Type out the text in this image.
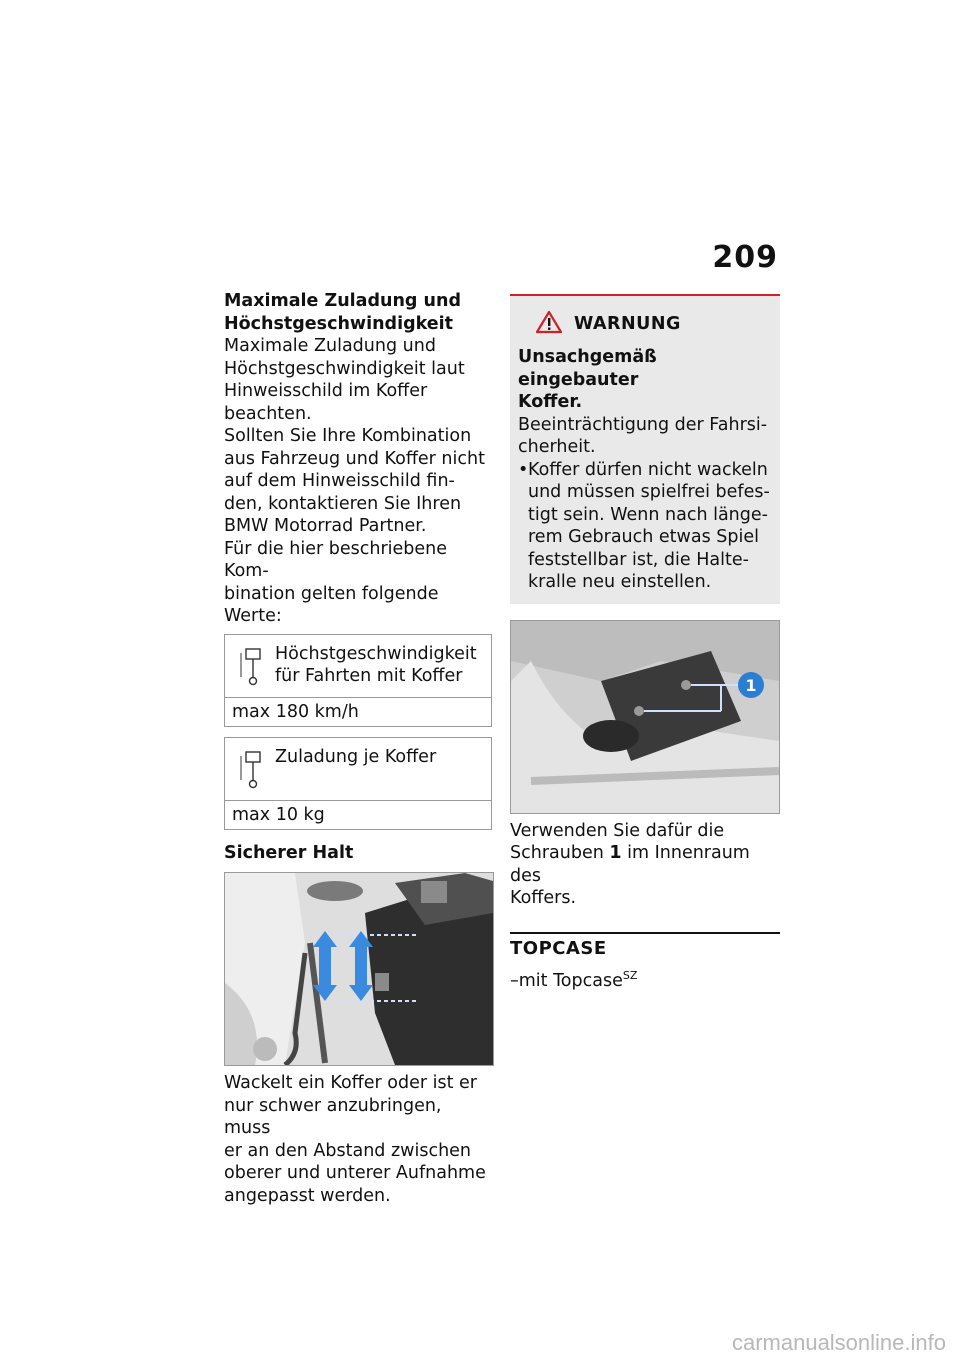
209

Maximale Zuladung und

Höchstgeschwindigkeit

Maximale Zuladung und

Höchstgeschwindigkeit laut

Hinweisschild im Koffer

beachten.

Sollten Sie Ihre Kombination

aus Fahrzeug und Koffer nicht

auf dem Hinweisschild fin-

den, kontaktieren Sie Ihren

BMW Motorrad Partner.

Für die hier beschriebene Kom-

bination gelten folgende Werte:

Höchstgeschwindigkeit
für Fahrten mit Koffer
max 180 km/h
Zuladung je Koffer
max 10 kg

Sicherer Halt

Wackelt ein Koffer oder ist er

nur schwer anzubringen, muss

er an den Abstand zwischen

oberer und unterer Aufnahme

angepasst werden.

WARNUNG

Unsachgemäß eingebauter

Koffer.

Beeinträchtigung der Fahrsi-

cherheit.

• Koffer dürfen nicht wackeln
und müssen spielfrei befes-
tigt sein. Wenn nach länge-
rem Gebrauch etwas Spiel
feststellbar ist, die Halte-
kralle neu einstellen.
1

Verwenden Sie dafür die

Schrauben 1 im Innenraum des

Koffers.

TOPCASE

–mit Topcase$^{SZ}$

carmanualsonline.info
